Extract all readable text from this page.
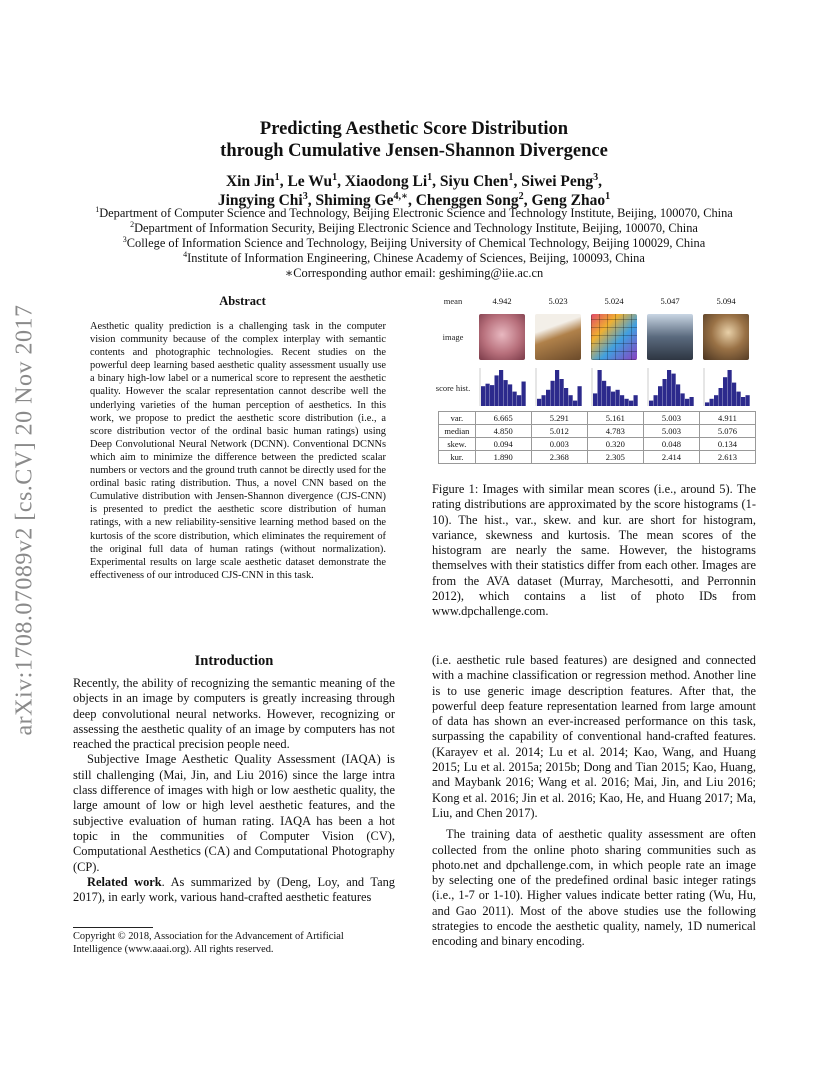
arXiv:1708.07089v2 [cs.CV] 20 Nov 2017
Predicting Aesthetic Score Distribution
through Cumulative Jensen-Shannon Divergence
Xin Jin$^1$, Le Wu$^1$, Xiaodong Li$^1$, Siyu Chen$^1$, Siwei Peng$^3$,
Jingying Chi$^3$, Shiming $Ge^{4,∗}$, Chenggen Song$^2$, Geng Zhao$^1$
$^1$Department of Computer Science and Technology, Beijing Electronic Science and Technology Institute, Beijing, 100070, China
$^2$Department of Information Security, Beijing Electronic Science and Technology Institute, Beijing, 100070, China
$^3$College of Information Science and Technology, Beijing University of Chemical Technology, Beijing 100029, China
$^4$Institute of Information Engineering, Chinese Academy of Sciences, Beijing, 100093, China
∗Corresponding author email: geshiming@iie.ac.cn
Abstract
Aesthetic quality prediction is a challenging task in the computer vision community because of the complex interplay with semantic contents and photographic technologies. Recent studies on the powerful deep learning based aesthetic quality assessment usually use a binary high-low label or a numerical score to represent the aesthetic quality. However the scalar representation cannot describe well the underlying varieties of the human perception of aesthetics. In this work, we propose to predict the aesthetic score distribution (i.e., a score distribution vector of the ordinal basic human ratings) using Deep Convolutional Neural Network (DCNN). Conventional DCNNs which aim to minimize the difference between the predicted scalar numbers or vectors and the ground truth cannot be directly used for the ordinal basic rating distribution. Thus, a novel CNN based on the Cumulative distribution with Jensen-Shannon divergence (CJS-CNN) is presented to predict the aesthetic score distribution of human ratings, with a new reliability-sensitive learning method based on the kurtosis of the score distribution, which eliminates the requirement of the original full data of human ratings (without normalization). Experimental results on large scale aesthetic dataset demonstrate the effectiveness of our introduced CJS-CNN in this task.
Introduction

Recently, the ability of recognizing the semantic meaning of the objects in an image by computers is greatly increasing through deep convolutional neural networks. However, recognizing or assessing the aesthetic quality of an image by computers has not reached the practical precision people need.

Subjective Image Aesthetic Quality Assessment (IAQA) is still challenging (Mai, Jin, and Liu 2016) since the large intra class difference of images with high or low aesthetic quality, the large amount of low or high level aesthetic features, and the subjective evaluation of human rating. IAQA has been a hot topic in the communities of Computer Vision (CV), Computational Aesthetics (CA) and Computational Photography (CP).

Related work. As summarized by (Deng, Loy, and Tang 2017), in early work, various hand-crafted aesthetic features

Copyright © 2018, Association for the Advancement of Artificial Intelligence (www.aaai.org). All rights reserved.
mean	4.942	5.023	5.024	5.047	5.094
image
score hist.
var.	6.665	5.291	5.161	5.003	4.911
median	4.850	5.012	4.783	5.003	5.076
skew.	0.094	0.003	0.320	0.048	0.134
kur.	1.890	2.368	2.305	2.414	2.613
Figure 1: Images with similar mean scores (i.e., around 5). The rating distributions are approximated by the score histograms (1-10). The hist., var., skew. and kur. are short for histogram, variance, skewness and kurtosis. The mean scores of the histogram are nearly the same. However, the histograms themselves with their statistics differ from each other. Images are from the AVA dataset (Murray, Marchesotti, and Perronnin 2012), which contains a list of photo IDs from www.dpchallenge.com.

(i.e. aesthetic rule based features) are designed and connected with a machine classification or regression method. Another line is to use generic image description features. After that, the powerful deep feature representation learned from large amount of data has shown an ever-increased performance on this task, surpassing the capability of conventional hand-crafted features. (Karayev et al. 2014; Lu et al. 2014; Kao, Wang, and Huang 2015; Lu et al. 2015a; 2015b; Dong and Tian 2015; Kao, Huang, and Maybank 2016; Wang et al. 2016; Mai, Jin, and Liu 2016; Kong et al. 2016; Jin et al. 2016; Kao, He, and Huang 2017; Ma, Liu, and Chen 2017).

The training data of aesthetic quality assessment are often collected from the online photo sharing communities such as photo.net and dpchallenge.com, in which people rate an image by selecting one of the predefined ordinal basic integer ratings (i.e., 1-7 or 1-10). Higher values indicate better rating (Wu, Hu, and Gao 2011). Most of the above studies use the following strategies to encode the aesthetic quality, namely, 1D numerical encoding and binary encoding.
